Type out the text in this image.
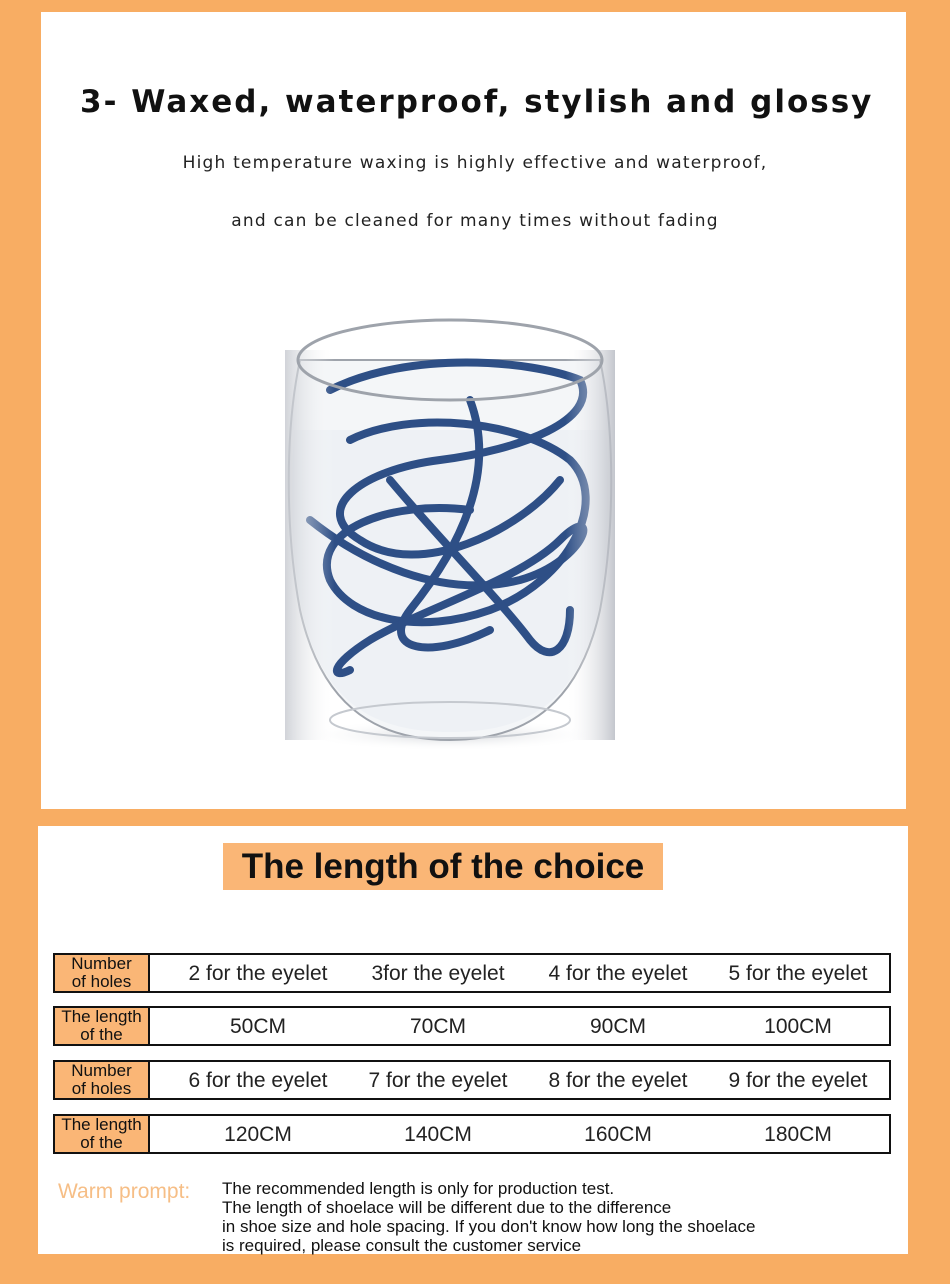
3- Waxed, waterproof, stylish and glossy

High temperature waxing is highly effective and waterproof,

and can be cleaned for many times without fading

The length of the choice
Number
of holes	2 for the eyelet	3for the eyelet	4 for the eyelet	5 for the eyelet
The length
of the	50CM	70CM	90CM	100CM
Number
of holes	6 for the eyelet	7 for the eyelet	8 for the eyelet	9 for the eyelet
The length
of the	120CM	140CM	160CM	180CM
Warm prompt: The recommended length is only for production test.
The length of shoelace will be different due to the difference
in shoe size and hole spacing. If you don't know how long the shoelace
is required, please consult the customer service
